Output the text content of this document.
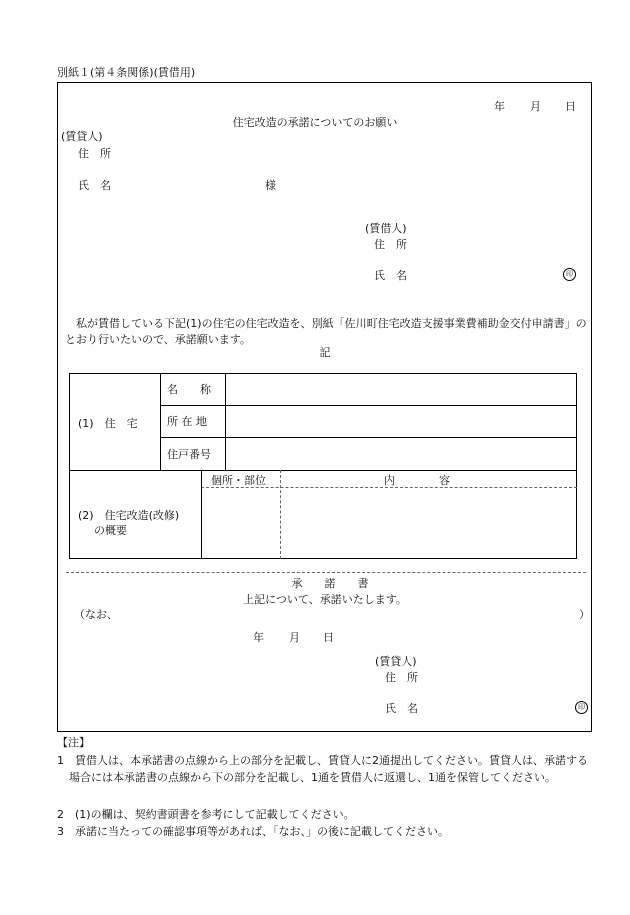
別紙１(第４条関係)(賃借用)
年 月 日
住宅改造の承諾についてのお願い
(賃貸人)
住　所
氏　名	様
(賃借人)
住　所
氏　名	印
私が賃借している下記(1)の住宅の住宅改造を、別紙「佐川町住宅改造支援事業費補助金交付申請書」のとおり行いたいので、承諾願います。
記
(1)　住　宅
名　　称
所 在 地
住戸番号
(2)　住宅改造(改修)
の概要
個所・部位	内　　　　容
承　　諾　　書
上記について、承諾いたします。
（なお、	）
年 月 日
(賃貸人)
住　所
氏　名	印
【注】
1　賃借人は、本承諾書の点線から上の部分を記載し、賃貸人に2通提出してください。賃貸人は、承諾する場合には本承諾書の点線から下の部分を記載し、1通を賃借人に返還し、1通を保管してください。
2　(1)の欄は、契約書頭書を参考にして記載してください。
3　承諾に当たっての確認事項等があれば、「なお、」の後に記載してください。
